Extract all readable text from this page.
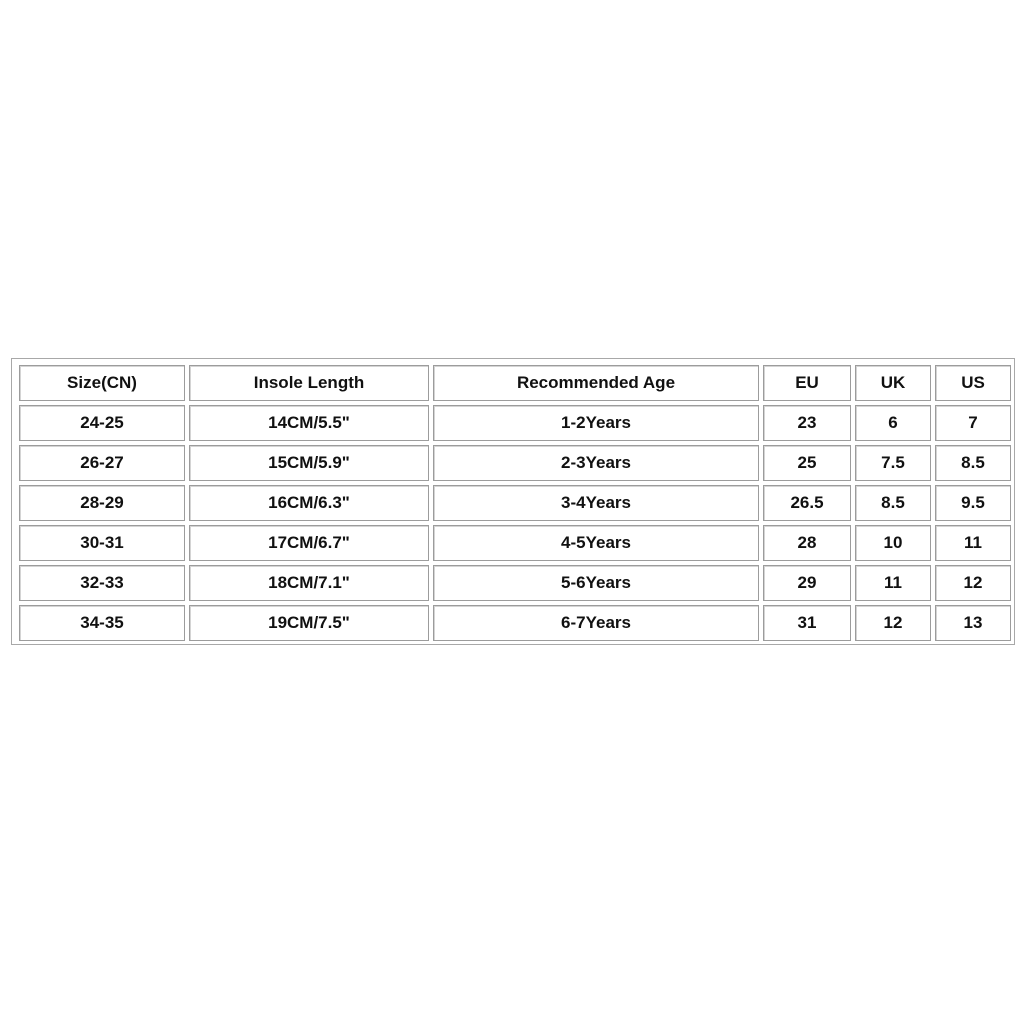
Size(CN)	Insole Length	Recommended Age	EU	UK	US
24-25	14CM/5.5"	1-2Years	23	6	7
26-27	15CM/5.9"	2-3Years	25	7.5	8.5
28-29	16CM/6.3"	3-4Years	26.5	8.5	9.5
30-31	17CM/6.7"	4-5Years	28	10	11
32-33	18CM/7.1"	5-6Years	29	11	12
34-35	19CM/7.5"	6-7Years	31	12	13
